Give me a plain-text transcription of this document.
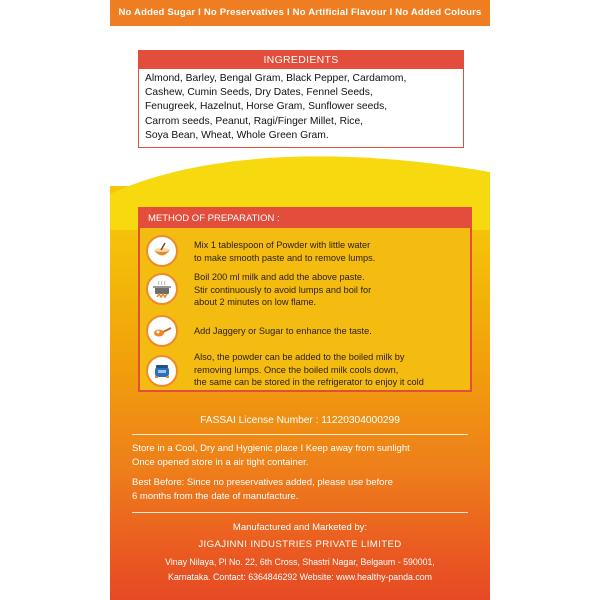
No Added Sugar I No Preservatives I No Artificial Flavour I No Added Colours
INGREDIENTS
Almond, Barley, Bengal Gram, Black Pepper, Cardamom,
Cashew, Cumin Seeds, Dry Dates, Fennel Seeds,
Fenugreek, Hazelnut, Horse Gram, Sunflower seeds,
Carrom seeds, Peanut, Ragi/Finger Millet, Rice,
Soya Bean, Wheat, Whole Green Gram.
METHOD OF PREPARATION :
Mix 1 tablespoon of Powder with little water
to make smooth paste and to remove lumps.
Boil 200 ml milk and add the above paste.
Stir continuously to avoid lumps and boil for
about 2 minutes on low flame.
Add Jaggery or Sugar to enhance the taste.
Also, the powder can be added to the boiled milk by
removing lumps. Once the boiled milk cools down,
the same can be stored in the refrigerator to enjoy it cold
FASSAI License Number : 11220304000299
Store in a Cool, Dry and Hygienic place I Keep away from sunlight
Once opened store in a air tight container.
Best Before: Since no preservatives added, please use before
6 months from the date of manufacture.
Manufactured and Marketed by:
JIGAJINNI INDUSTRIES PRIVATE LIMITED
Vinay Nilaya, Pl No. 22, 6th Cross, Shastri Nagar, Belgaum - 590001,
Karnataka. Contact: 6364846292 Website: www.healthy-panda.com
